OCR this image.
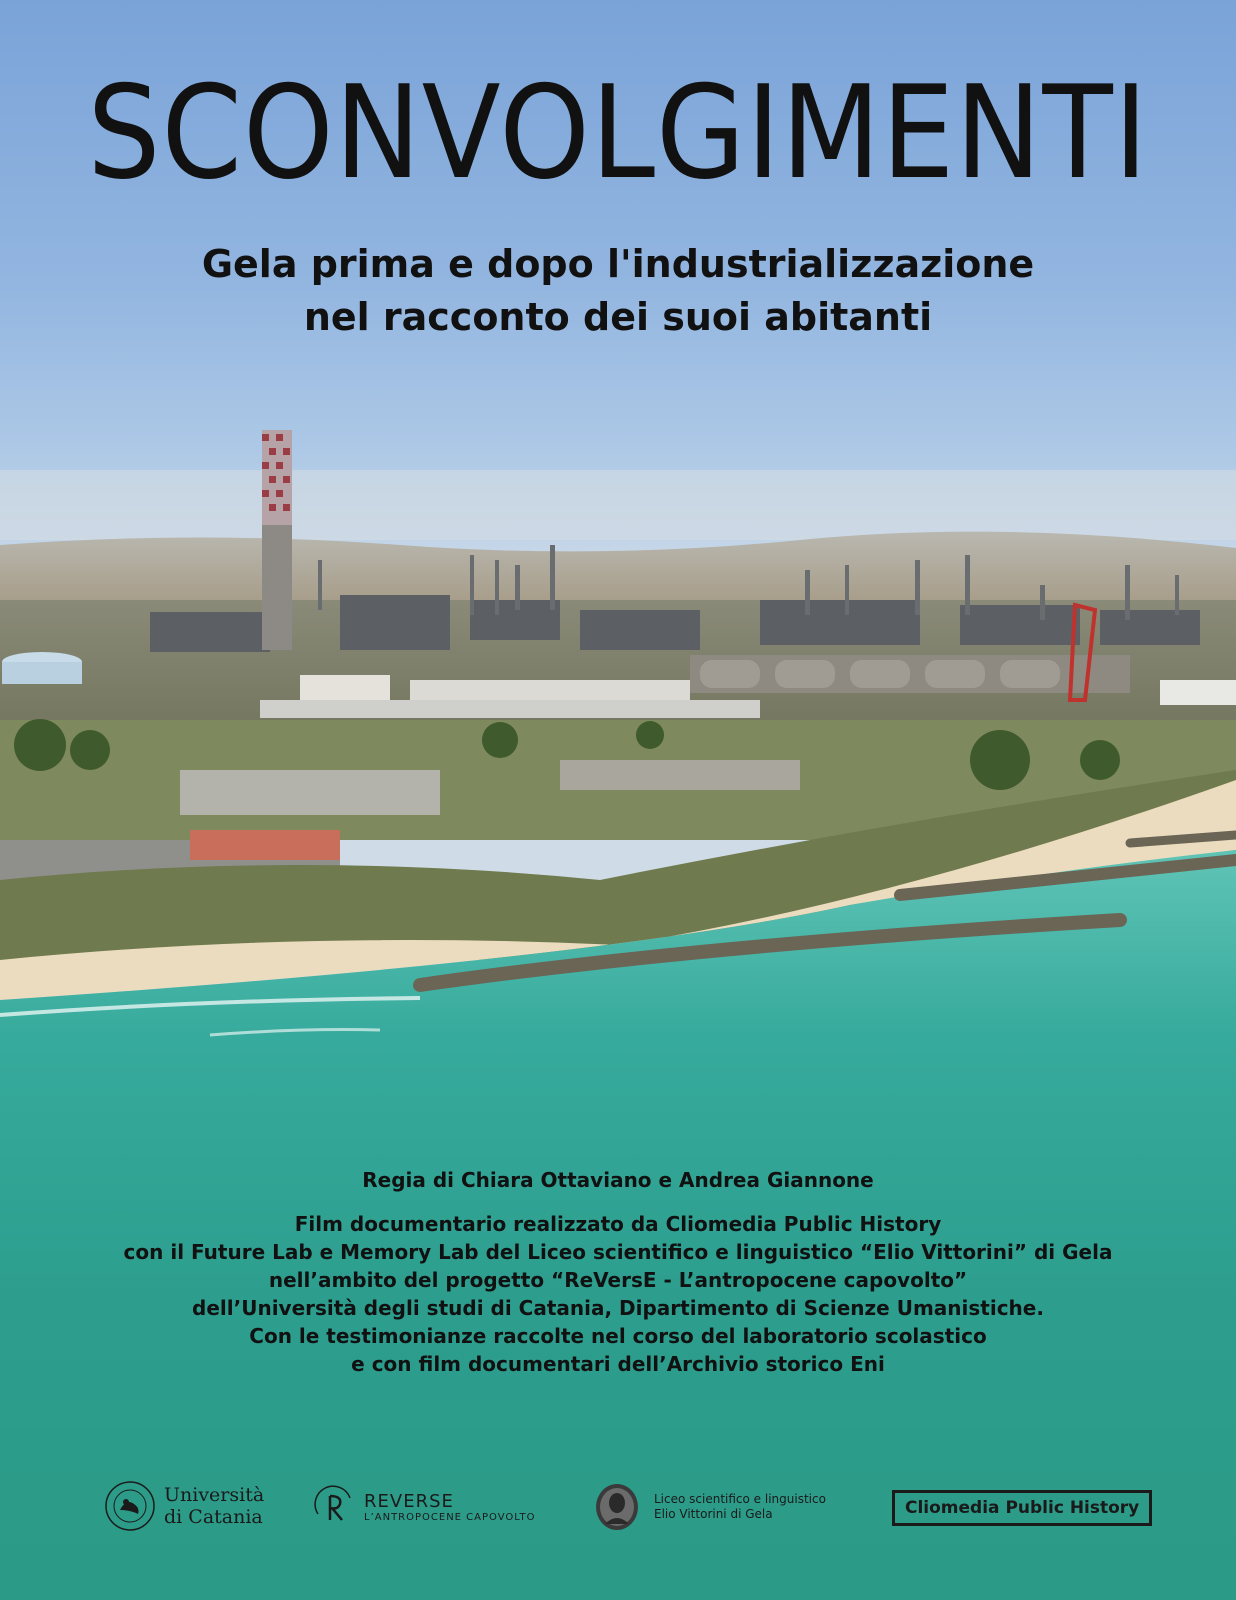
SCONVOLGIMENTI
Gela prima e dopo l'industrializzazione
nel racconto dei suoi abitanti
Regia di Chiara Ottaviano e Andrea Giannone
Film documentario realizzato da Cliomedia Public History
con il Future Lab e Memory Lab del Liceo scientifico e linguistico “Elio Vittorini” di Gela
nell’ambito del progetto “ReVersE - L’antropocene capovolto”
dell’Università degli studi di Catania, Dipartimento di Scienze Umanistiche.
Con le testimonianze raccolte nel corso del laboratorio scolastico
e con film documentari dell’Archivio storico Eni
Università
di Catania
REVERSE
L’ANTROPOCENE CAPOVOLTO
Liceo scientifico e linguistico
Elio Vittorini di Gela	Cliomedia Public History
